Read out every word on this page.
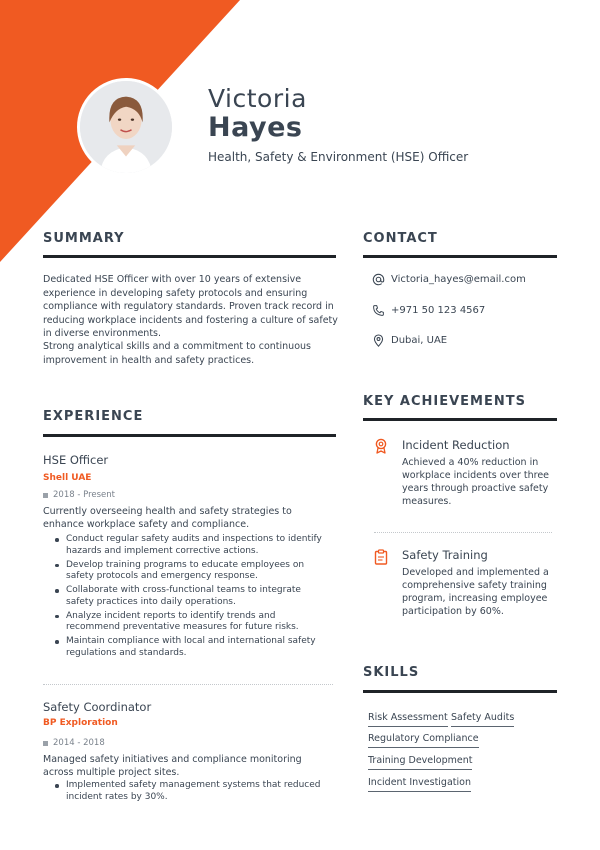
Victoria
Hayes
Health, Safety & Environment (HSE) Officer
SUMMARY
Dedicated HSE Officer with over 10 years of extensive experience in developing safety protocols and ensuring compliance with regulatory standards. Proven track record in reducing workplace incidents and fostering a culture of safety in diverse environments.
Strong analytical skills and a commitment to continuous improvement in health and safety practices.
CONTACT
Victoria_hayes@email.com
+971 50 123 4567
Dubai, UAE
EXPERIENCE
HSE Officer
Shell UAE
2018 - Present
Currently overseeing health and safety strategies to enhance workplace safety and compliance.
Conduct regular safety audits and inspections to identify hazards and implement corrective actions.
Develop training programs to educate employees on safety protocols and emergency response.
Collaborate with cross-functional teams to integrate safety practices into daily operations.
Analyze incident reports to identify trends and recommend preventative measures for future risks.
Maintain compliance with local and international safety regulations and standards.
Safety Coordinator
BP Exploration
2014 - 2018
Managed safety initiatives and compliance monitoring across multiple project sites.
Implemented safety management systems that reduced incident rates by 30%.
KEY ACHIEVEMENTS
Incident Reduction
Achieved a 40% reduction in workplace incidents over three years through proactive safety measures.
Safety Training
Developed and implemented a comprehensive safety training program, increasing employee participation by 60%.
SKILLS
Risk Assessment Safety Audits
Regulatory Compliance
Training Development
Incident Investigation
